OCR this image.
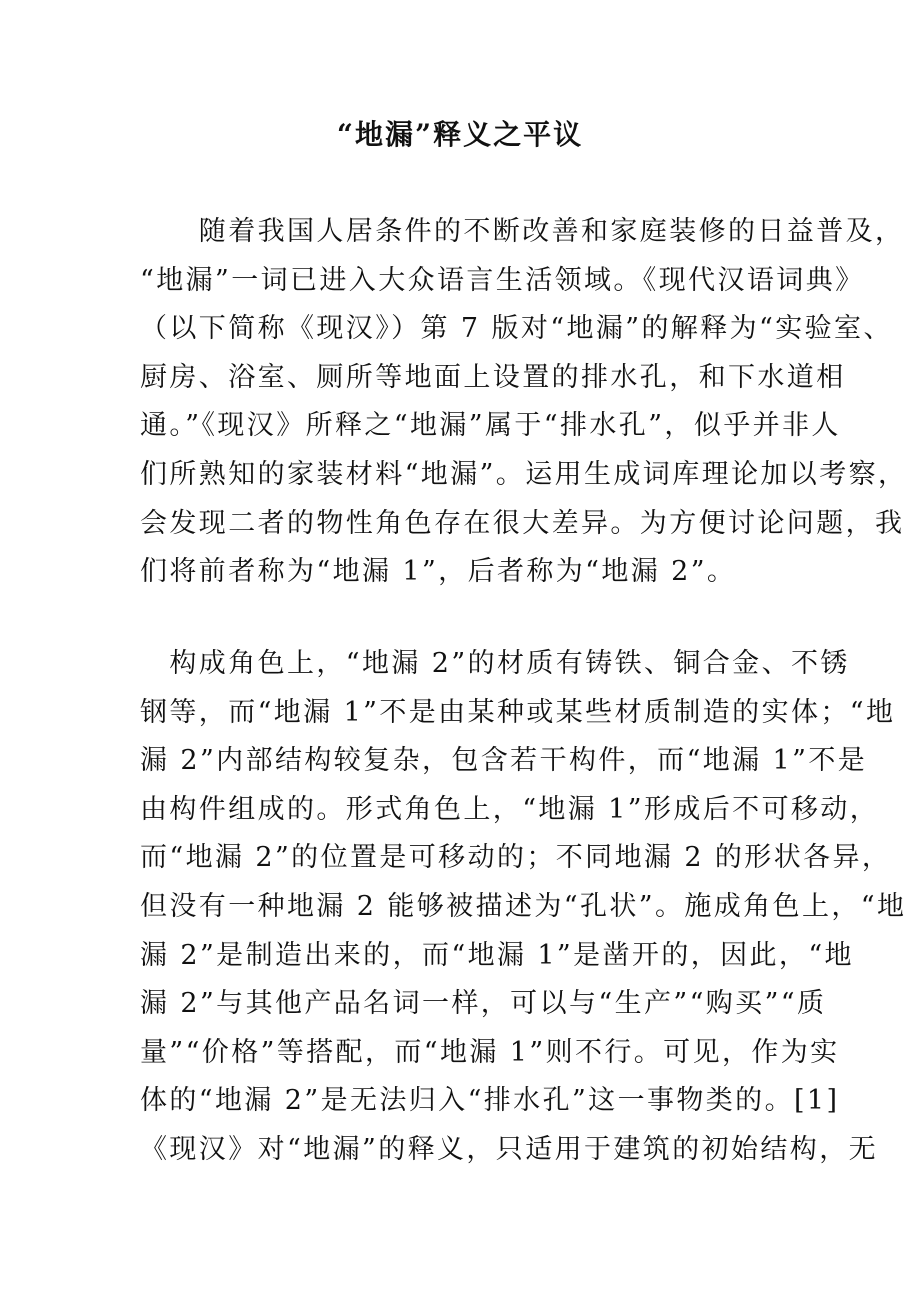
“地漏”释义之平议
　　随着我国人居条件的不断改善和家庭装修的日益普及，
“地漏”一词已进入大众语言生活领域。《现代汉语词典》
（以下简称《现汉》）第 7 版对“地漏”的解释为“实验室、
厨房、浴室、厕所等地面上设置的排水孔，和下水道相
通。”《现汉》所释之“地漏”属于“排水孔”，似乎并非人
们所熟知的家装材料“地漏”。运用生成词库理论加以考察，
会发现二者的物性角色存在很大差异。为方便讨论问题，我
们将前者称为“地漏 1”，后者称为“地漏 2”。
　构成角色上，“地漏 2”的材质有铸铁、铜合金、不锈
钢等，而“地漏 1”不是由某种或某些材质制造的实体；“地
漏 2”内部结构较复杂，包含若干构件，而“地漏 1”不是
由构件组成的。形式角色上，“地漏 1”形成后不可移动，
而“地漏 2”的位置是可移动的；不同地漏 2 的形状各异，
但没有一种地漏 2 能够被描述为“孔状”。施成角色上，“地
漏 2”是制造出来的，而“地漏 1”是凿开的，因此，“地
漏 2”与其他产品名词一样，可以与“生产”“购买”“质
量”“价格”等搭配，而“地漏 1”则不行。可见，作为实
体的“地漏 2”是无法归入“排水孔”这一事物类的。[1]
《现汉》对“地漏”的释义，只适用于建筑的初始结构，无
